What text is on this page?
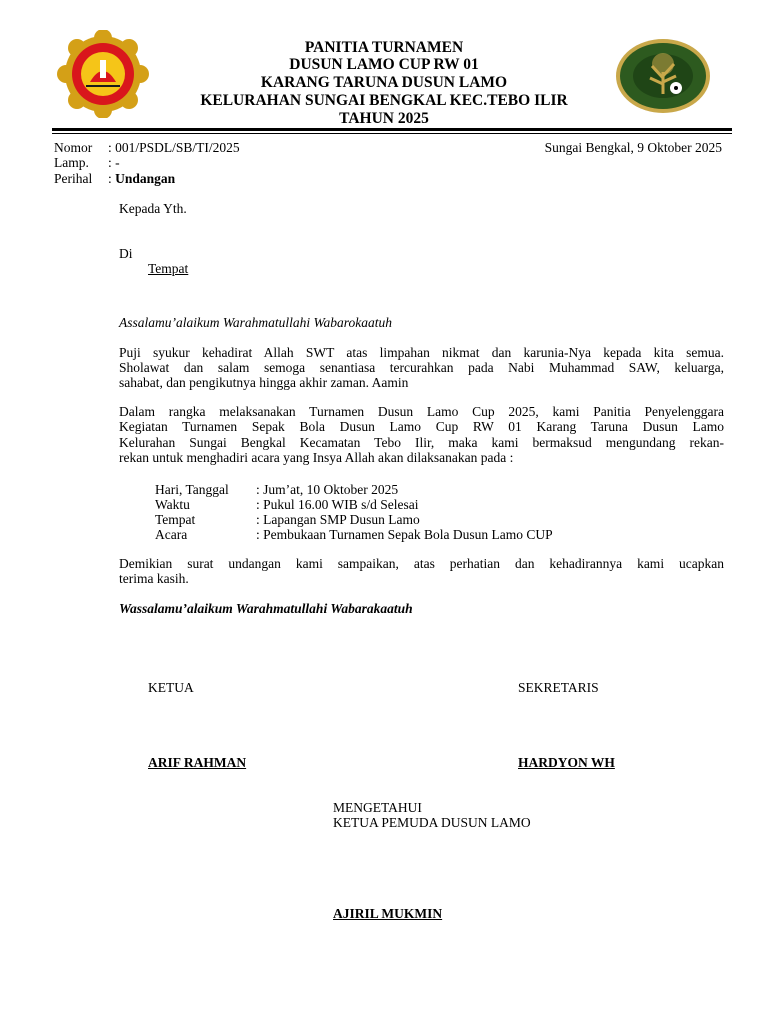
PANITIA TURNAMEN
DUSUN LAMO CUP RW 01
KARANG TARUNA DUSUN LAMO
KELURAHAN SUNGAI BENGKAL KEC.TEBO ILIR
TAHUN 2025
Nomor : 001/PSDL/SB/TI/2025	Sungai Bengkal, 9 Oktober 2025
Lamp. : -
Perihal : Undangan
Kepada Yth.
Di
Tempat
Assalamu’alaikum Warahmatullahi Wabarokaatuh
Puji syukur kehadirat Allah SWT atas limpahan nikmat dan karunia-Nya kepada kita semua.
Sholawat dan salam semoga senantiasa tercurahkan pada Nabi Muhammad SAW, keluarga,
sahabat, dan pengikutnya hingga akhir zaman. Aamin
Dalam rangka melaksanakan Turnamen Dusun Lamo Cup 2025, kami Panitia Penyelenggara
Kegiatan Turnamen Sepak Bola Dusun Lamo Cup RW 01 Karang Taruna Dusun Lamo
Kelurahan Sungai Bengkal Kecamatan Tebo Ilir, maka kami bermaksud mengundang rekan-
rekan untuk menghadiri acara yang Insya Allah akan dilaksanakan pada :
Hari, Tanggal : Jum’at, 10 Oktober 2025
Waktu	: Pukul 16.00 WIB s/d Selesai
Tempat	: Lapangan SMP Dusun Lamo
Acara	: Pembukaan Turnamen Sepak Bola Dusun Lamo CUP
Demikian surat undangan kami sampaikan, atas perhatian dan kehadirannya kami ucapkan
terima kasih.
Wassalamu’alaikum Warahmatullahi Wabarakaatuh
KETUA	SEKRETARIS
ARIF RAHMAN	HARDYON WH
MENGETAHUI
KETUA PEMUDA DUSUN LAMO
AJIRIL MUKMIN
